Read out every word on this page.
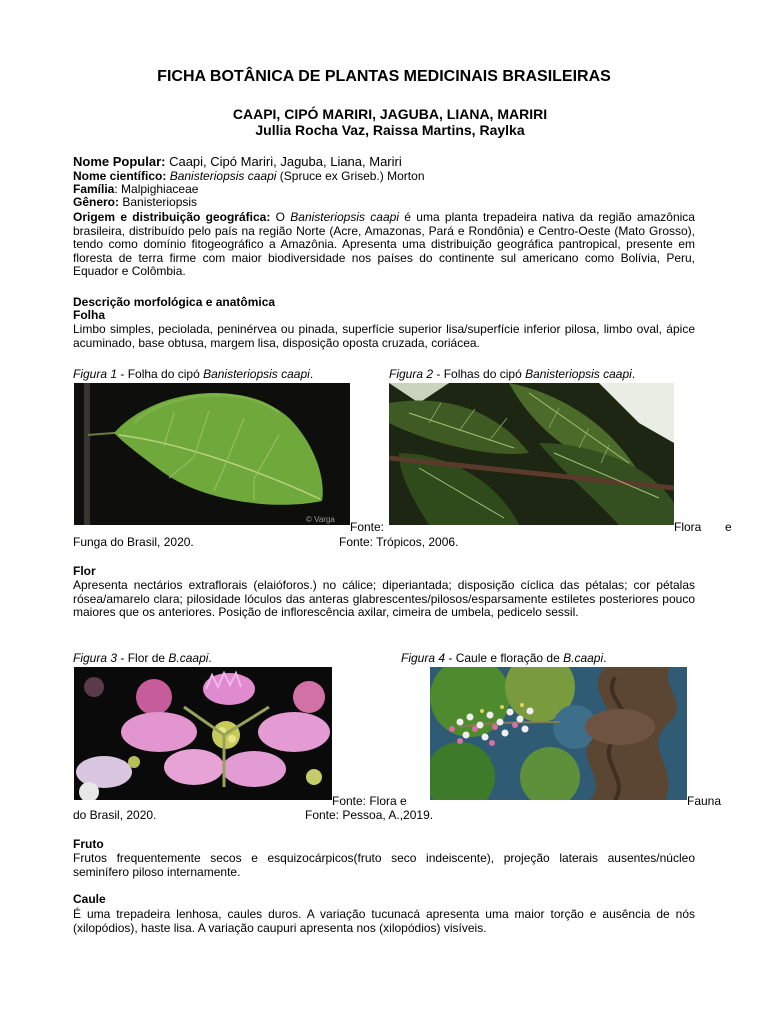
FICHA BOTÂNICA DE PLANTAS MEDICINAIS BRASILEIRAS
CAAPI, CIPÓ MARIRI, JAGUBA, LIANA, MARIRI
Jullia Rocha Vaz, Raissa Martins, Raylka
Nome Popular: Caapi, Cipó Mariri, Jaguba, Liana, Mariri
Nome científico: Banisteriopsis caapi (Spruce ex Griseb.) Morton
Família: Malpighiaceae
Gênero: Banisteriopsis
Origem e distribuição geográfica: O Banisteriopsis caapi é uma planta trepadeira nativa da região amazônica brasileira, distribuído pelo país na região Norte (Acre, Amazonas, Pará e Rondônia) e Centro-Oeste (Mato Grosso), tendo como domínio fitogeográfico a Amazônia. Apresenta uma distribuição geográfica pantropical, presente em floresta de terra firme com maior biodiversidade nos países do continente sul americano como Bolívia, Peru, Equador e Colômbia.
Descrição morfológica e anatômica
Folha
Limbo simples, peciolada, peninérvea ou pinada, superfície superior lisa/superfície inferior pilosa, limbo oval, ápice acuminado, base obtusa, margem lisa, disposição oposta cruzada, coriácea.
Figura 1 - Folha do cipó Banisteriopsis caapi.	Figura 2 - Folhas do cipó Banisteriopsis caapi.
© Varga
Fonte:	Flora e
Funga do Brasil, 2020.	Fonte: Trópicos, 2006.
Flor
Apresenta nectários extraflorais (elaióforos.) no cálice; diperiantada; disposição cíclica das pétalas; cor pétalas rósea/amarelo clara; pilosidade lóculos das anteras glabrescentes/pilosos/esparsamente estiletes posteriores pouco maiores que os anteriores. Posição de inflorescência axilar, cimeira de umbela, pedicelo sessil.
Figura 3 - Flor de B.caapi.	Figura 4 - Caule e floração de B.caapi.
Fonte: Flora e	Fauna
do Brasil, 2020.	Fonte: Pessoa, A.,2019.
Fruto
Frutos frequentemente secos e esquizocárpicos(fruto seco indeiscente), projeção laterais ausentes/núcleo seminífero piloso internamente.
Caule
É uma trepadeira lenhosa, caules duros. A variação tucunacá apresenta uma maior torção e ausência de nós (xilopódios), haste lisa. A variação caupuri apresenta nos (xilopódios) visíveis.
